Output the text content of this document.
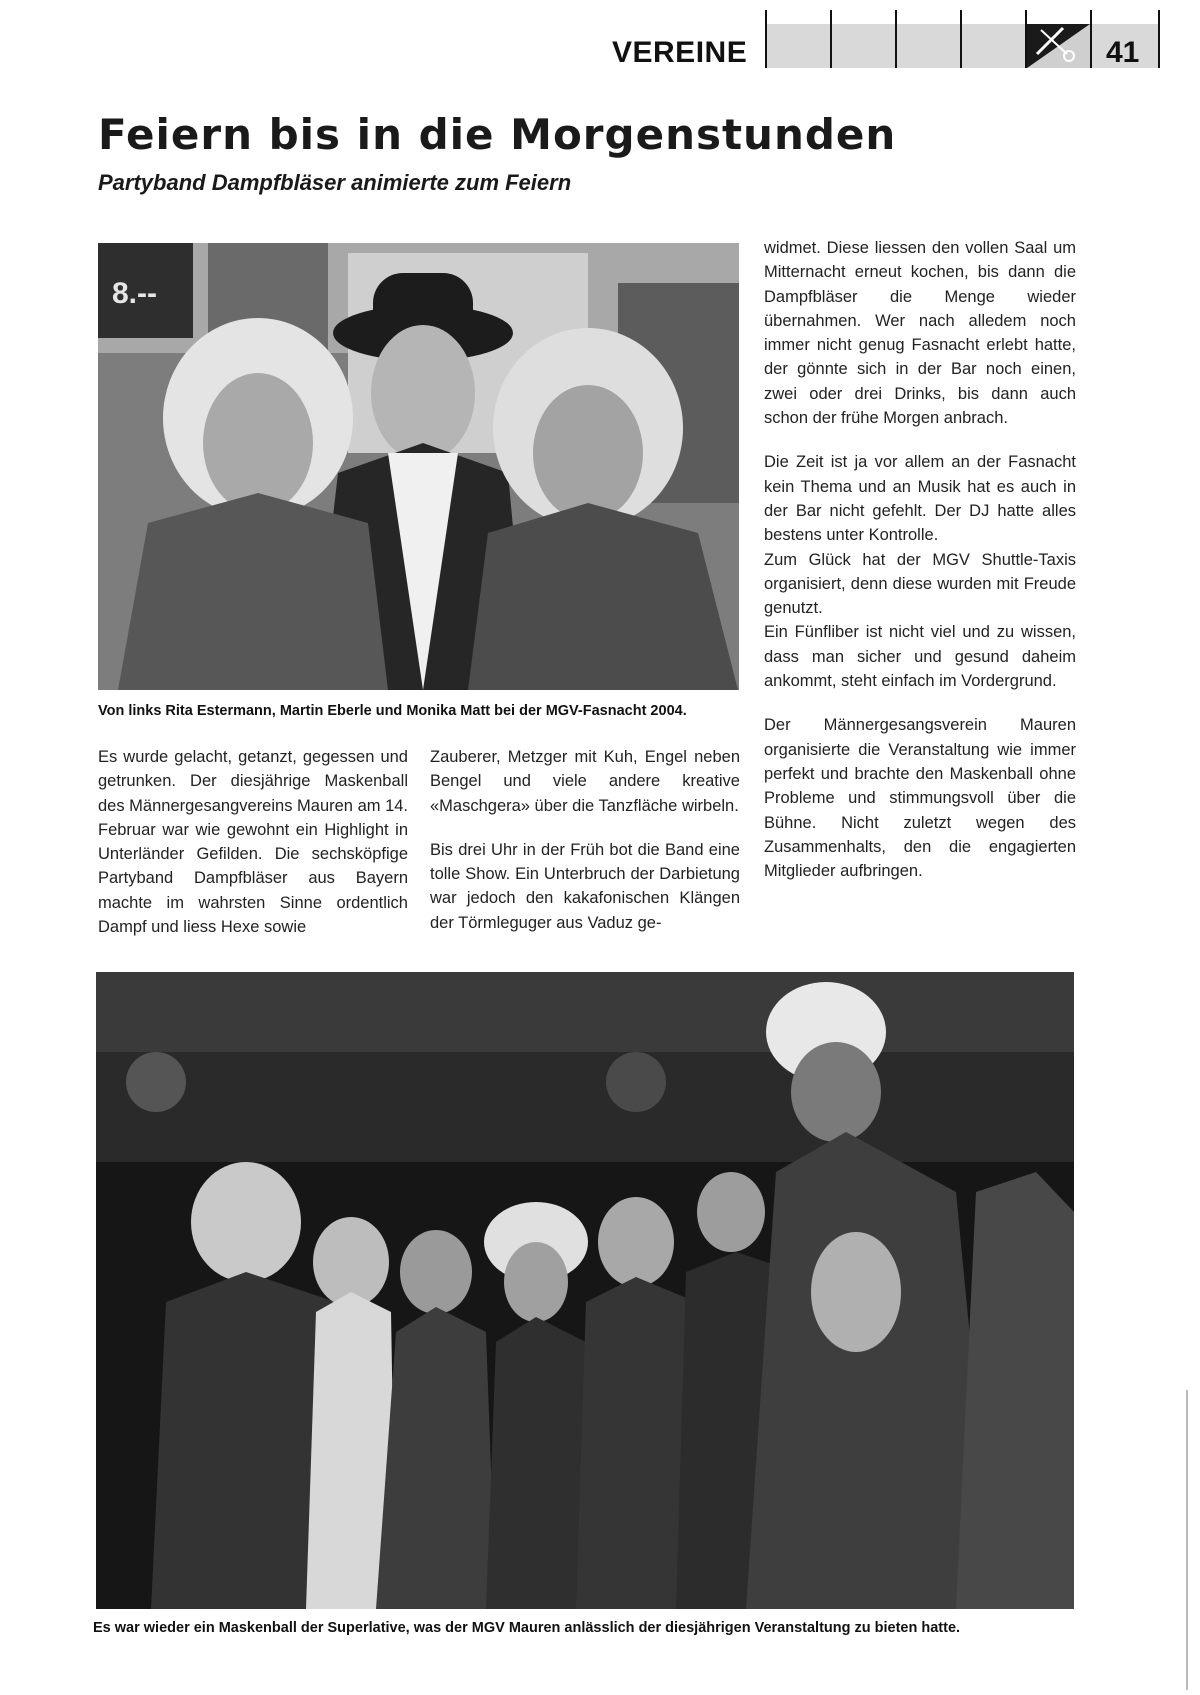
VEREINE	41
Feiern bis in die Morgenstunden
Partyband Dampfbläser animierte zum Feiern
8.--
Von links Rita Estermann, Martin Eberle und Monika Matt bei der MGV-Fasnacht 2004.

Es wurde gelacht, getanzt, gegessen und getrunken. Der diesjährige Maskenball des Männergesangvereins Mauren am 14. Februar war wie gewohnt ein Highlight in Unterländer Gefilden. Die sechsköpfige Partyband Dampfbläser aus Bayern machte im wahrsten Sinne ordentlich Dampf und liess Hexe sowie

Zauberer, Metzger mit Kuh, Engel neben Bengel und viele andere kreative «Maschgera» über die Tanzfläche wirbeln.

Bis drei Uhr in der Früh bot die Band eine tolle Show. Ein Unterbruch der Darbietung war jedoch den kakafonischen Klängen der Törmleguger aus Vaduz ge-

widmet. Diese liessen den vollen Saal um Mitternacht erneut kochen, bis dann die Dampfbläser die Menge wieder übernahmen. Wer nach alledem noch immer nicht genug Fasnacht erlebt hatte, der gönnte sich in der Bar noch einen, zwei oder drei Drinks, bis dann auch schon der frühe Morgen anbrach.

Die Zeit ist ja vor allem an der Fasnacht kein Thema und an Musik hat es auch in der Bar nicht gefehlt. Der DJ hatte alles bestens unter Kontrolle.

Zum Glück hat der MGV Shuttle-Taxis organisiert, denn diese wurden mit Freude genutzt.

Ein Fünfliber ist nicht viel und zu wissen, dass man sicher und gesund daheim ankommt, steht einfach im Vordergrund.

Der Männergesangsverein Mauren organisierte die Veranstaltung wie immer perfekt und brachte den Maskenball ohne Probleme und stimmungsvoll über die Bühne. Nicht zuletzt wegen des Zusammenhalts, den die engagierten Mitglieder aufbringen.

Es war wieder ein Maskenball der Superlative, was der MGV Mauren anlässlich der diesjährigen Veranstaltung zu bieten hatte.
